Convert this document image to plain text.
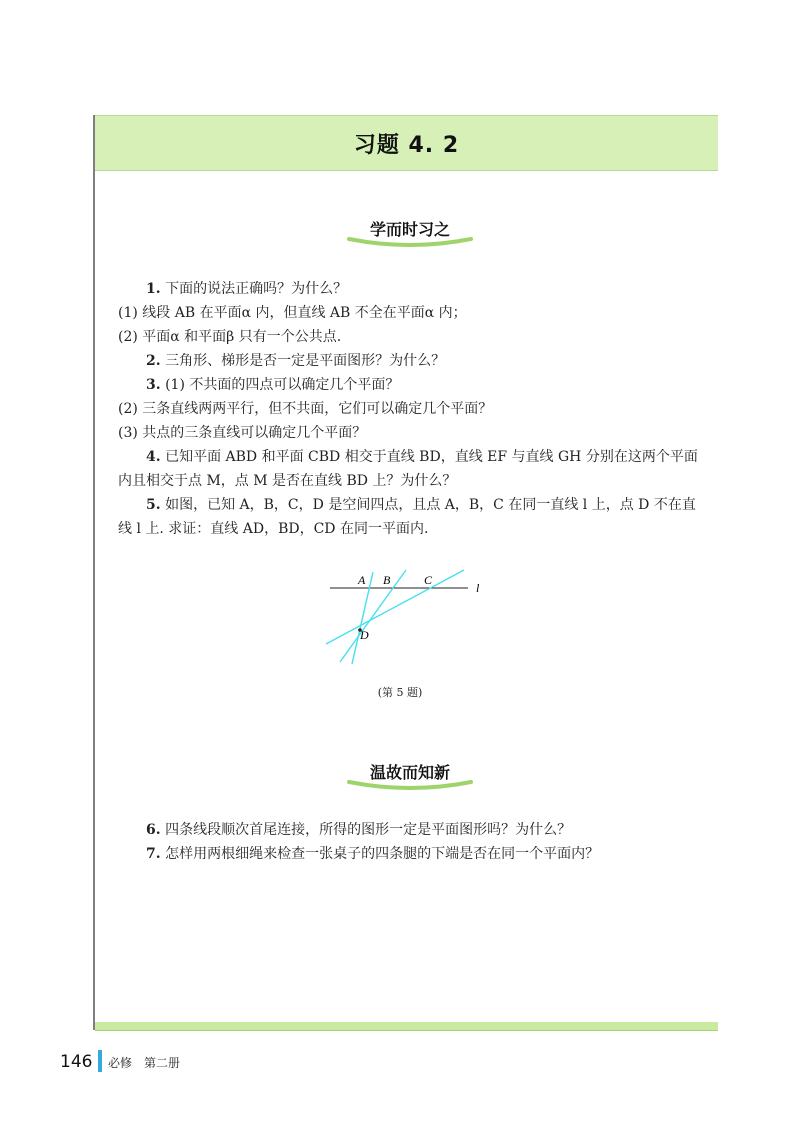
习题 4. 2
学而时习之

1. 下面的说法正确吗？为什么？

(1) 线段 AB 在平面α 内，但直线 AB 不全在平面α 内；

(2) 平面α 和平面β 只有一个公共点.

2. 三角形、梯形是否一定是平面图形？为什么？

3. (1) 不共面的四点可以确定几个平面？

(2) 三条直线两两平行，但不共面，它们可以确定几个平面？

(3) 共点的三条直线可以确定几个平面？

4. 已知平面 ABD 和平面 CBD 相交于直线 BD，直线 EF 与直线 GH 分别在这两个平面内且相交于点 M，点 M 是否在直线 BD 上？为什么？

5. 如图，已知 A，B，C，D 是空间四点，且点 A，B，C 在同一直线 l 上，点 D 不在直线 l 上. 求证：直线 AD，BD，CD 在同一平面内.

A B	C
l
D
(第 5 题)
温故而知新

6. 四条线段顺次首尾连接，所得的图形一定是平面图形吗？为什么？

7. 怎样用两根细绳来检查一张桌子的四条腿的下端是否在同一个平面内？

146 必修　第二册
